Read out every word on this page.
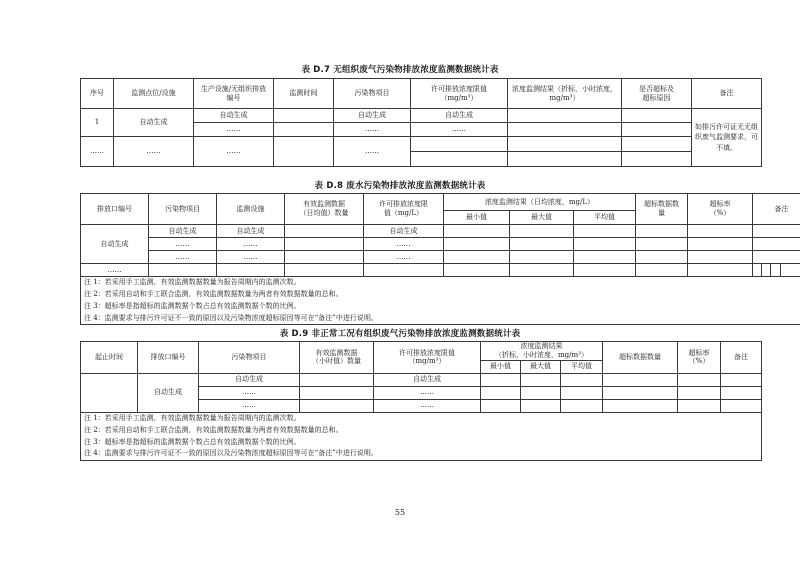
表 D.7 无组织废气污染物排放浓度监测数据统计表
序号	监测点位/设施	生产设施/无组织排放
编号	监测时间	污染物项目	许可排放浓度限值
（mg/m³）	浓度监测结果（折标，小时浓度，
mg/m³）	是否超标及
超标原因	备注
1	自动生成	自动生成		自动生成	自动生成			如排污许可证无无组织废气监测要求，可不填。
		……		……	……			
……	……	……		……				

表 D.8 废水污染物排放浓度监测数据统计表
排放口编号	污染物项目	监测设施	有效监测数据
（日均值）数量	许可排放浓度限
值（mg/L）	浓度监测结果（日均浓度，mg/L）			超标数据数
量	超标率
（%）	备注			
					最小值	最大值	平均值						
自动生成	自动生成	自动生成		自动生成									
	……	……		……									
	……	……		……									
……													
注 1：若采用手工监测，有效监测数据数量为报告周期内的监测次数。													
注 2：若采用自动和手工联合监测，有效监测数据数量为两者有效数据数量的总和。													
注 3：超标率是指超标的监测数据个数占总有效监测数据个数的比例。													
注 4：监测要求与排污许可证不一致的原因以及污染物浓度超标原因等可在“备注”中进行说明。													
表 D.9 非正常工况有组织废气污染物排放浓度监测数据统计表
起止时间	排放口编号	污染物项目	有效监测数据
（小时值）数量	许可排放浓度限值
（mg/m³）	浓度监测结果
（折标，小时浓度，mg/m³）			超标数据数量	超标率
（%）	备注
					最小值	最大值	平均值			
	自动生成	自动生成		自动生成						
		……		……						
		……		……						
注 1：若采用手工监测，有效监测数据数量为报告周期内的监测次数。										
注 2：若采用自动和手工联合监测，有效监测数据数量为两者有效数据数量的总和。										
注 3：超标率是指超标的监测数据个数占总有效监测数据个数的比例。										
注 4：监测要求与排污许可证不一致的原因以及污染物浓度超标原因等可在“备注”中进行说明。										
55
